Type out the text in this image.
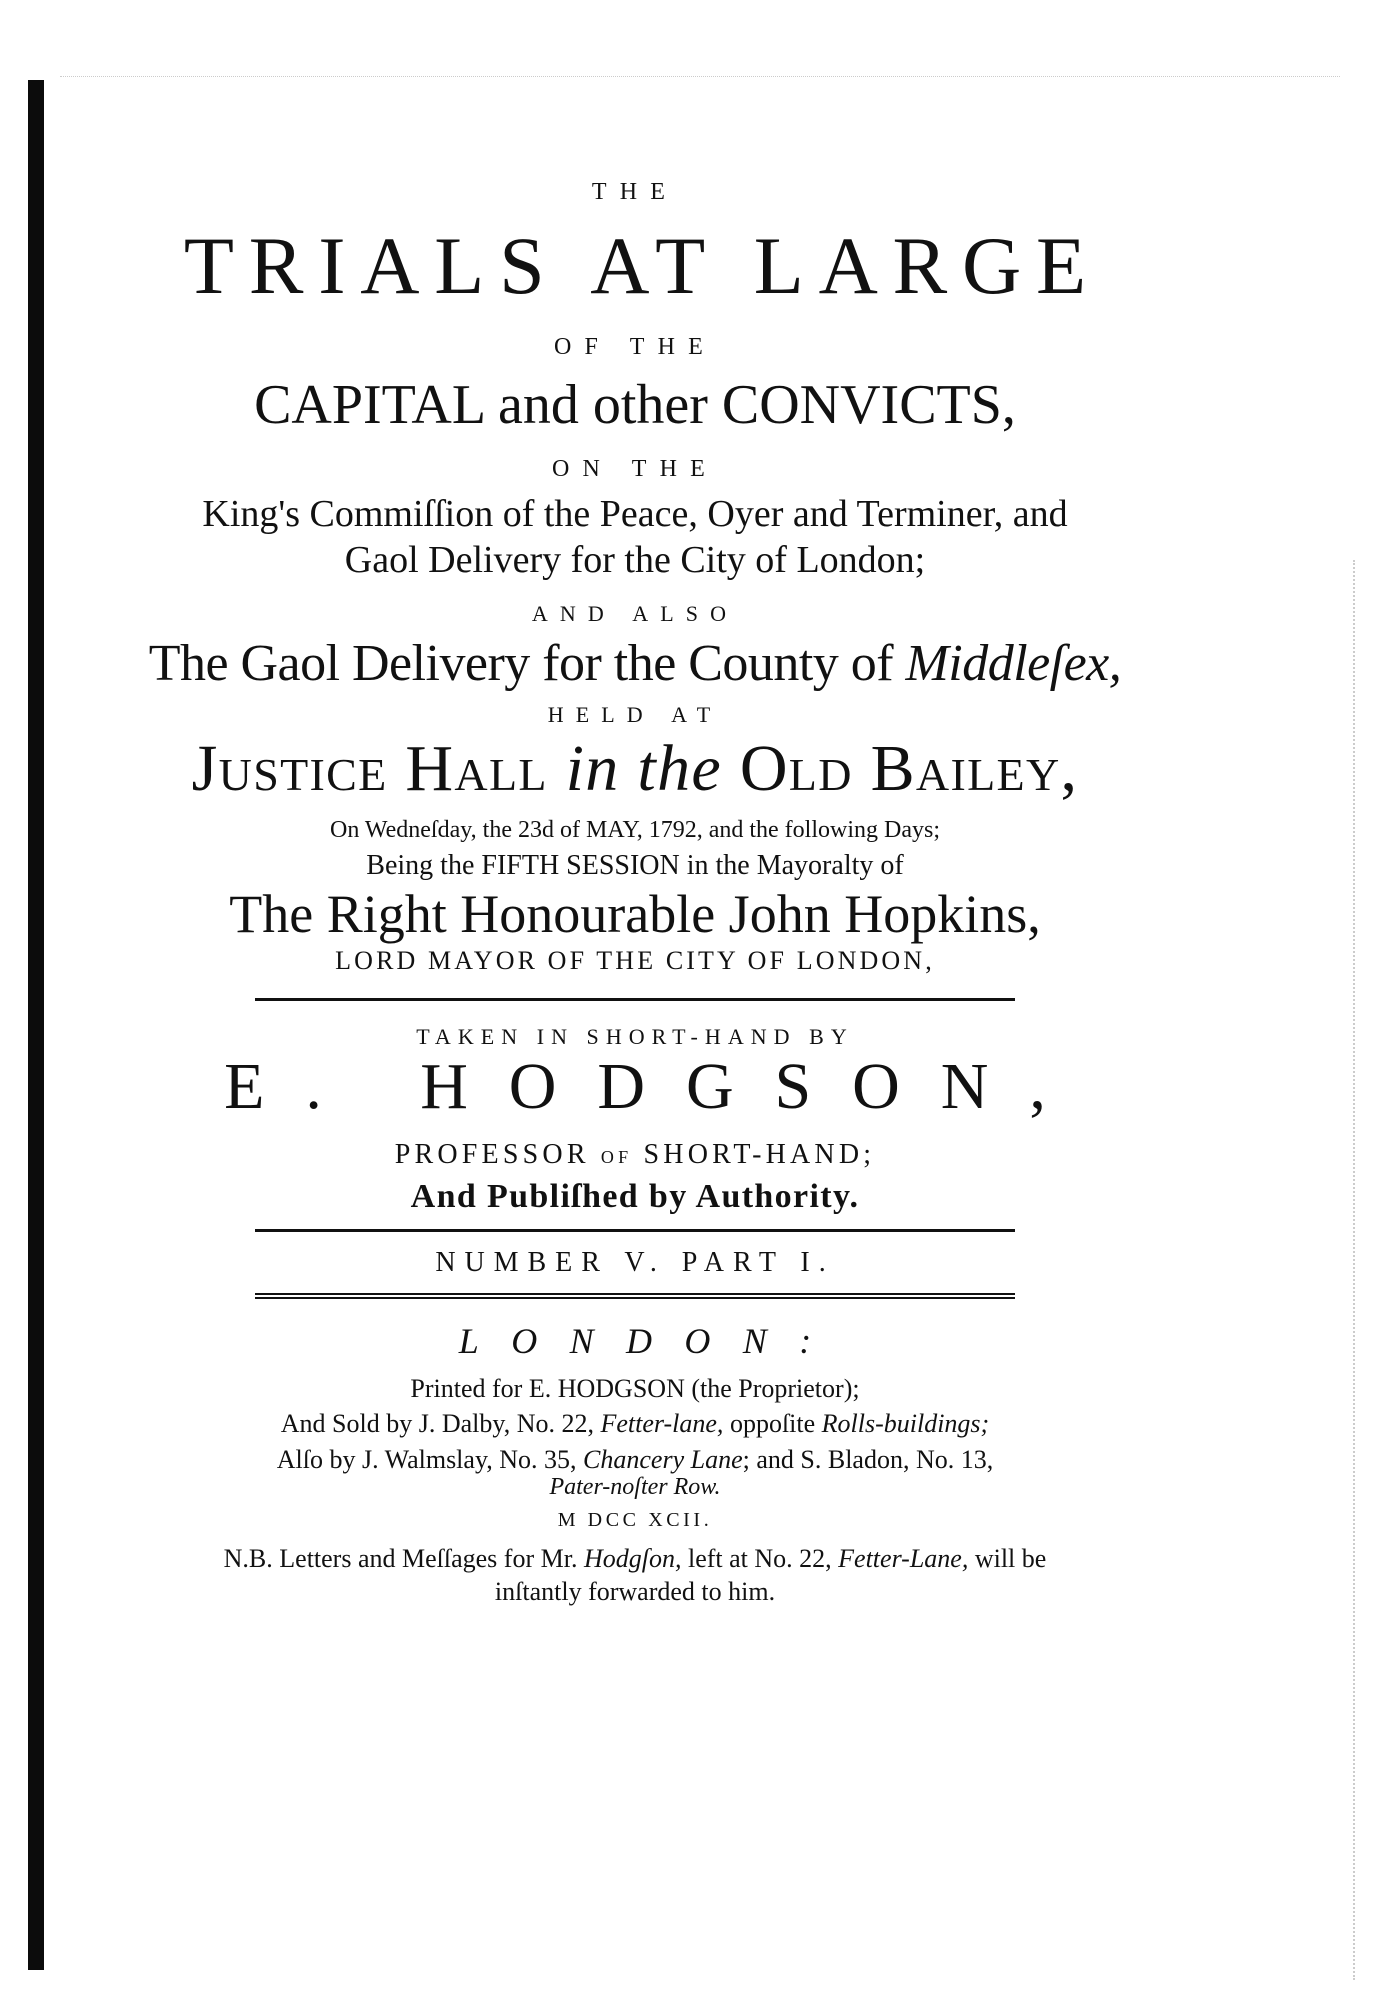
THE
TRIALS AT LARGE
OF THE
CAPITAL and other CONVICTS,
ON THE
King's Commiſſion of the Peace, Oyer and Terminer, and
Gaol Delivery for the City of London;
AND ALSO
The Gaol Delivery for the County of Middleſex,
HELD AT
Justice Hall in the Old Bailey,
On Wedneſday, the 23d of MAY, 1792, and the following Days;
Being the FIFTH SESSION in the Mayoralty of
The Right Honourable John Hopkins,
LORD MAYOR OF THE CITY OF LONDON,
TAKEN IN SHORT-HAND BY
E. HODGSON,
PROFESSOR OF SHORT-HAND;
And Publiſhed by Authority.
NUMBER V. PART I.
LONDON:
Printed for E. HODGSON (the Proprietor);
And Sold by J. Dalby, No. 22, Fetter-lane, oppoſite Rolls-buildings;
Alſo by J. Walmslay, No. 35, Chancery Lane; and S. Bladon, No. 13,
Pater-noſter Row.
M DCC XCII.
N.B. Letters and Meſſages for Mr. Hodgſon, left at No. 22, Fetter-Lane, will be
inſtantly forwarded to him.
